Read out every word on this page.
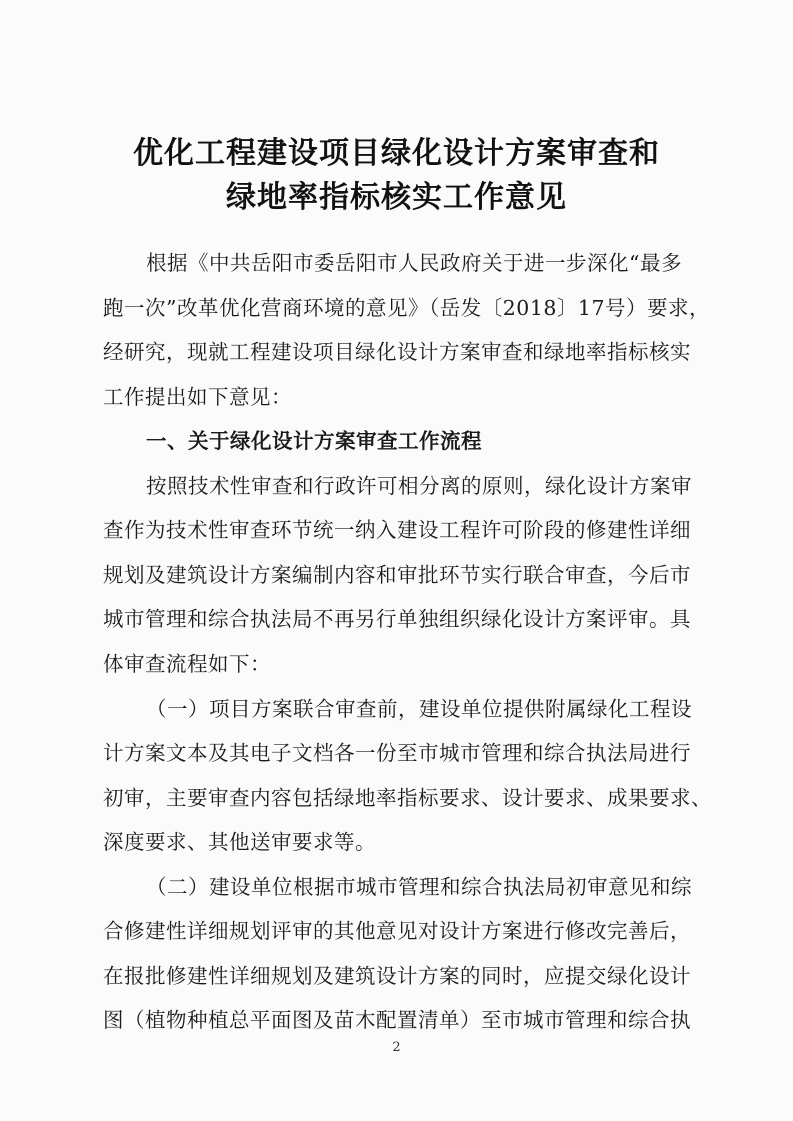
优化工程建设项目绿化设计方案审查和
绿地率指标核实工作意见
根据《中共岳阳市委岳阳市人民政府关于进一步深化“最多
跑一次”改革优化营商环境的意见》（岳发〔2018〕17号）要求，
经研究，现就工程建设项目绿化设计方案审查和绿地率指标核实
工作提出如下意见：
一、关于绿化设计方案审查工作流程
按照技术性审查和行政许可相分离的原则，绿化设计方案审
查作为技术性审查环节统一纳入建设工程许可阶段的修建性详细
规划及建筑设计方案编制内容和审批环节实行联合审查，今后市
城市管理和综合执法局不再另行单独组织绿化设计方案评审。具
体审查流程如下：
（一）项目方案联合审查前，建设单位提供附属绿化工程设
计方案文本及其电子文档各一份至市城市管理和综合执法局进行
初审，主要审查内容包括绿地率指标要求、设计要求、成果要求、
深度要求、其他送审要求等。
（二）建设单位根据市城市管理和综合执法局初审意见和综
合修建性详细规划评审的其他意见对设计方案进行修改完善后，
在报批修建性详细规划及建筑设计方案的同时，应提交绿化设计
图（植物种植总平面图及苗木配置清单）至市城市管理和综合执
2
